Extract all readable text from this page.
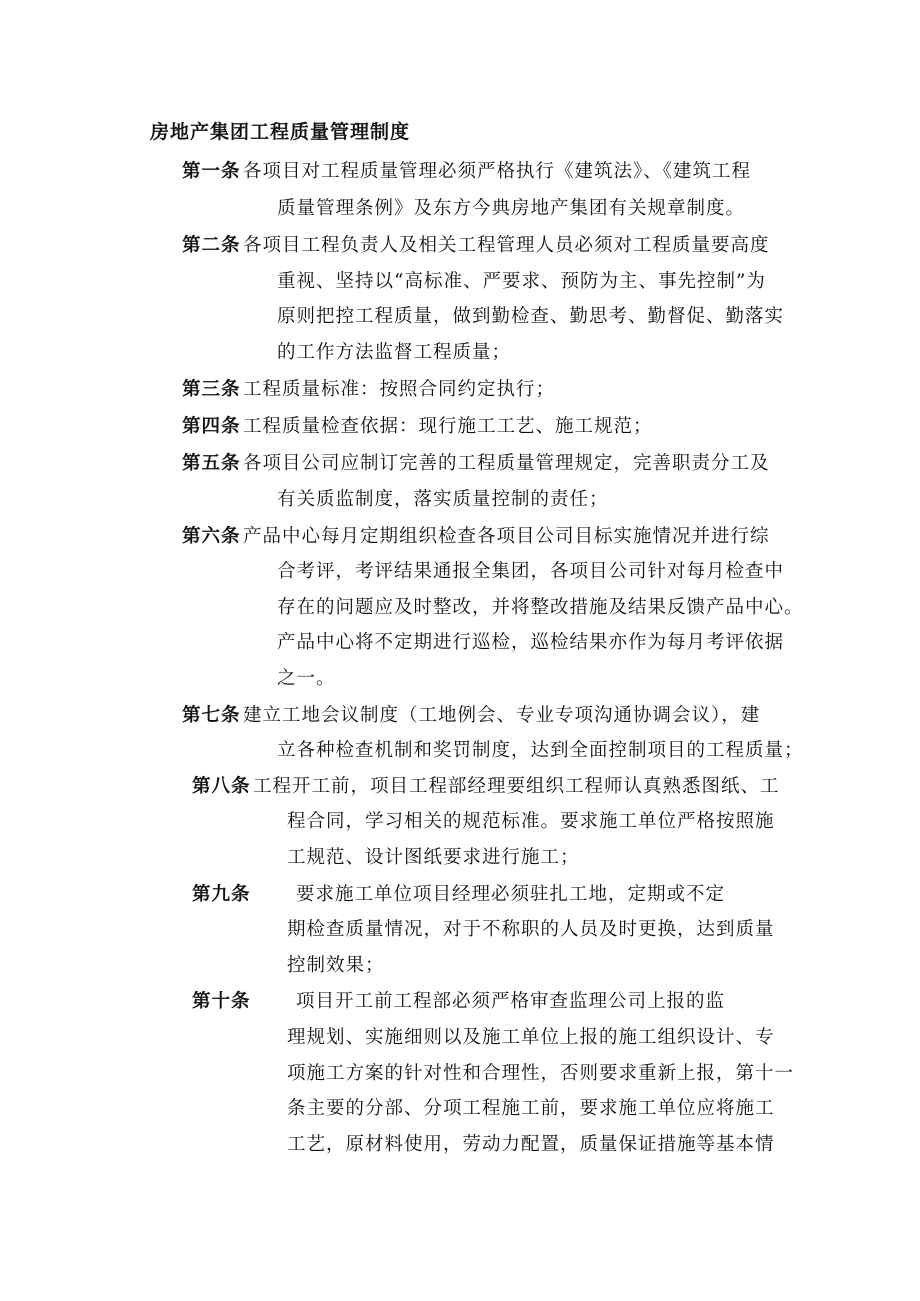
房地产集团工程质量管理制度
第一条 各项目对工程质量管理必须严格执行《建筑法》、《建筑工程
质量管理条例》及东方今典房地产集团有关规章制度。
第二条 各项目工程负责人及相关工程管理人员必须对工程质量要高度
重视、坚持以“高标准、严要求、预防为主、事先控制”为
原则把控工程质量，做到勤检查、勤思考、勤督促、勤落实
的工作方法监督工程质量；
第三条 工程质量标准：按照合同约定执行；
第四条 工程质量检查依据：现行施工工艺、施工规范；
第五条 各项目公司应制订完善的工程质量管理规定，完善职责分工及
有关质监制度，落实质量控制的责任；
第六条 产品中心每月定期组织检查各项目公司目标实施情况并进行综
合考评，考评结果通报全集团，各项目公司针对每月检查中
存在的问题应及时整改，并将整改措施及结果反馈产品中心。
产品中心将不定期进行巡检，巡检结果亦作为每月考评依据
之一。
第七条 建立工地会议制度（工地例会、专业专项沟通协调会议），建
立各种检查机制和奖罚制度，达到全面控制项目的工程质量；
第八条 工程开工前，项目工程部经理要组织工程师认真熟悉图纸、工
程合同，学习相关的规范标准。要求施工单位严格按照施
工规范、设计图纸要求进行施工；
第九条 要求施工单位项目经理必须驻扎工地，定期或不定
期检查质量情况，对于不称职的人员及时更换，达到质量
控制效果；
第十条 项目开工前工程部必须严格审查监理公司上报的监
理规划、实施细则以及施工单位上报的施工组织设计、专
项施工方案的针对性和合理性，否则要求重新上报，第十一
条主要的分部、分项工程施工前，要求施工单位应将施工
工艺，原材料使用，劳动力配置，质量保证措施等基本情
